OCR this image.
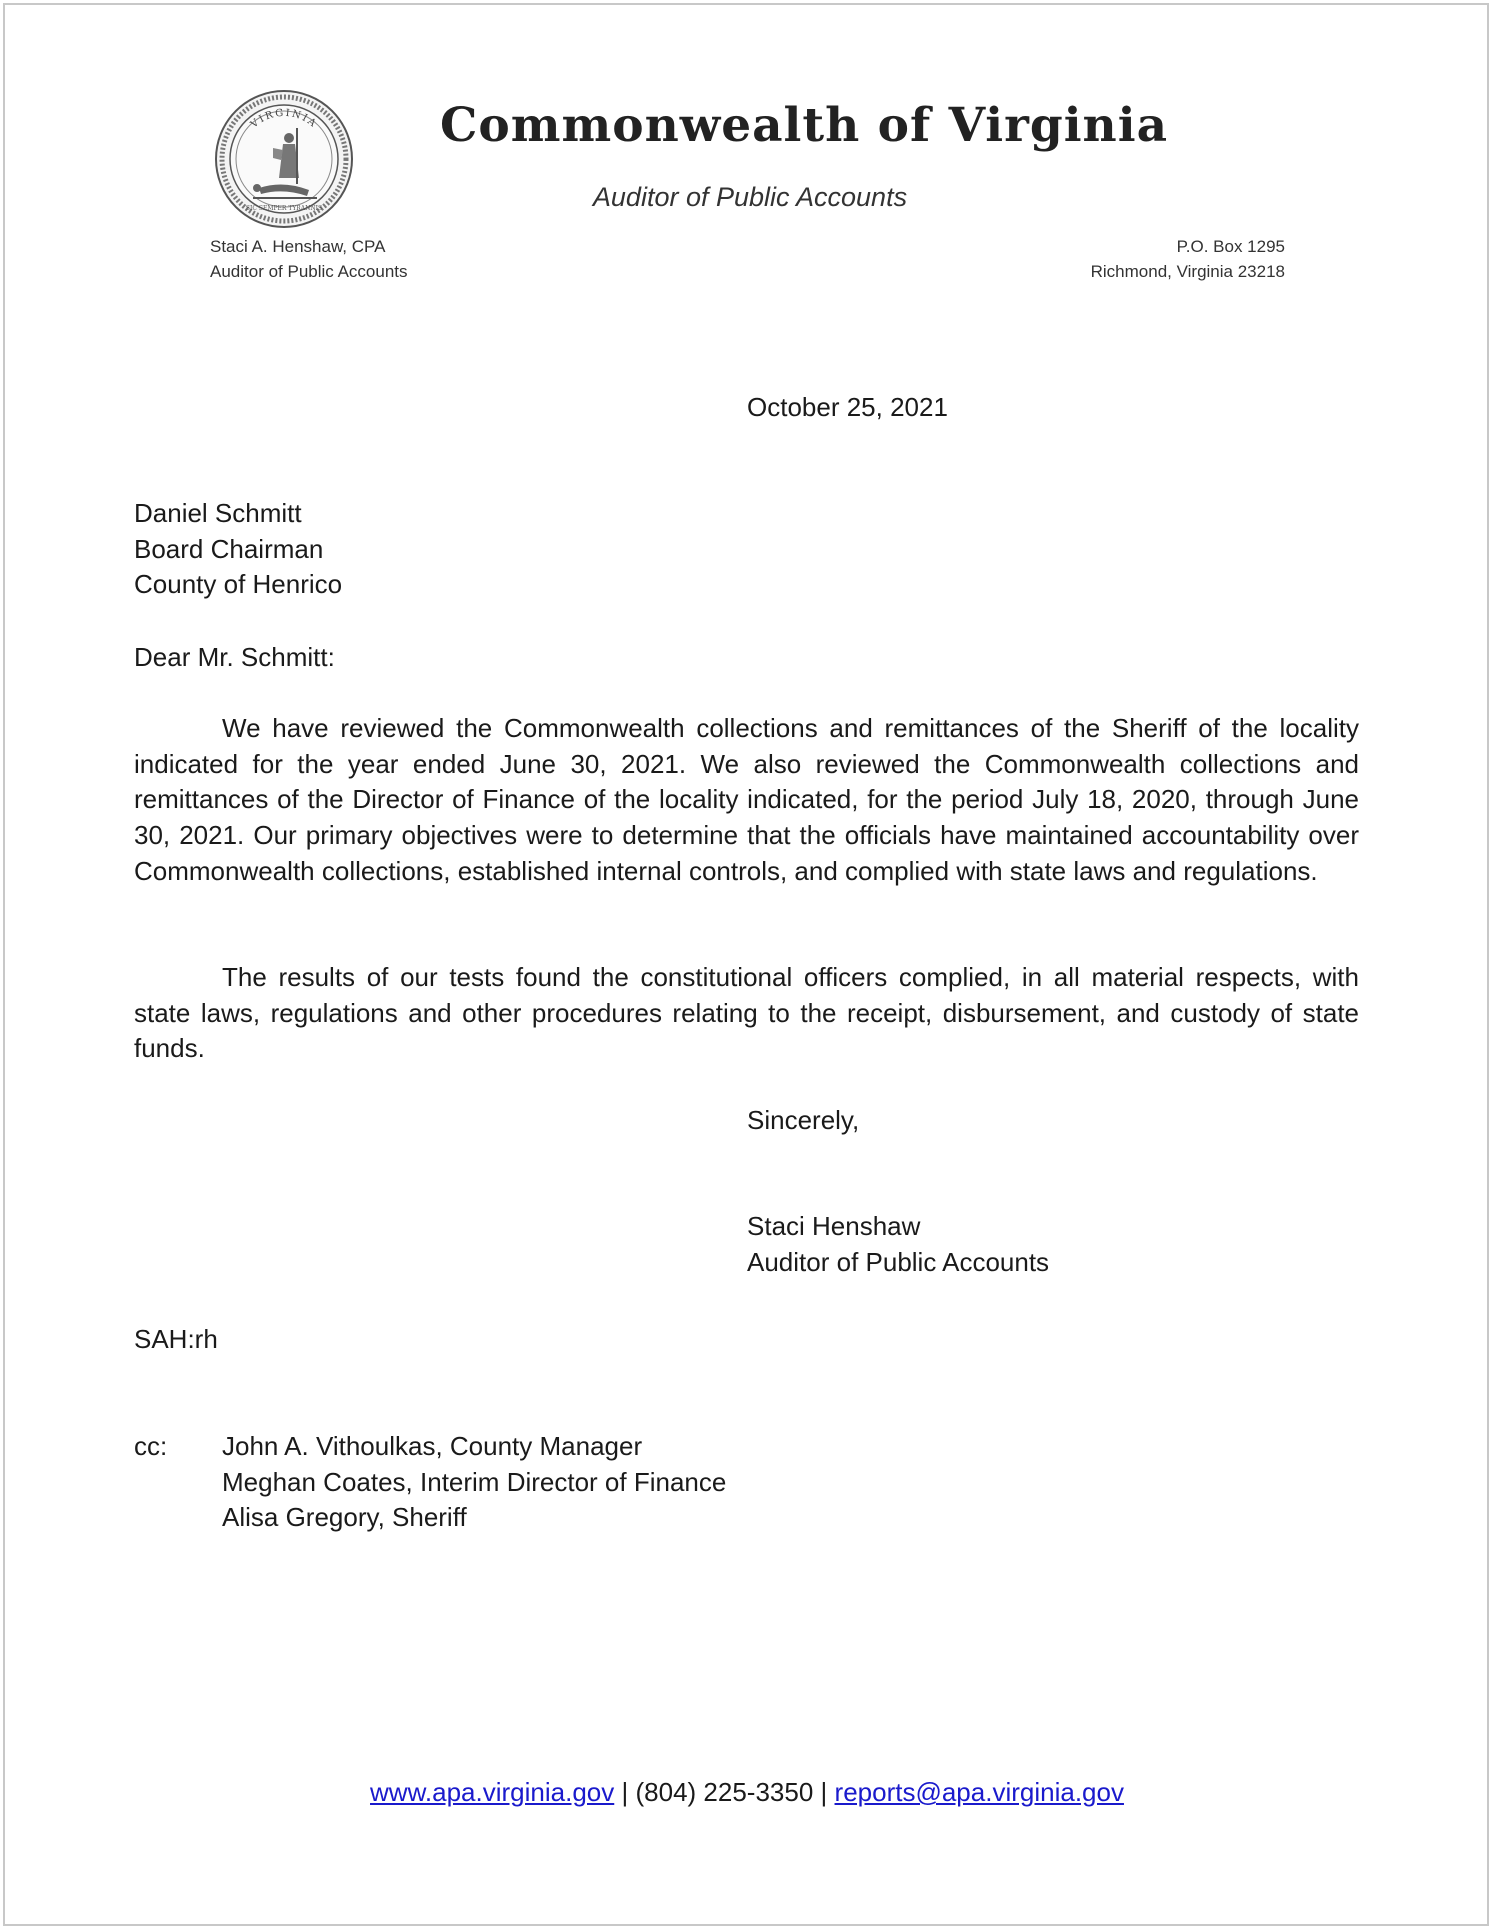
VIRGINIA
SIC SEMPER TYRANNIS
Commonwealth of Virginia
Auditor of Public Accounts
Staci A. Henshaw, CPA
Auditor of Public Accounts
P.O. Box 1295
Richmond, Virginia 23218
October 25, 2021
Daniel Schmitt
Board Chairman
County of Henrico
Dear Mr. Schmitt:

We have reviewed the Commonwealth collections and remittances of the Sheriff of the locality indicated for the year ended June 30, 2021. We also reviewed the Commonwealth collections and remittances of the Director of Finance of the locality indicated, for the period July 18, 2020, through June 30, 2021. Our primary objectives were to determine that the officials have maintained accountability over Commonwealth collections, established internal controls, and complied with state laws and regulations.

The results of our tests found the constitutional officers complied, in all material respects, with state laws, regulations and other procedures relating to the receipt, disbursement, and custody of state funds.

Sincerely,
Staci Henshaw
Auditor of Public Accounts
SAH:rh
cc: John A. Vithoulkas, County Manager
Meghan Coates, Interim Director of Finance
Alisa Gregory, Sheriff
www.apa.virginia.gov | (804) 225-3350 | reports@apa.virginia.gov
